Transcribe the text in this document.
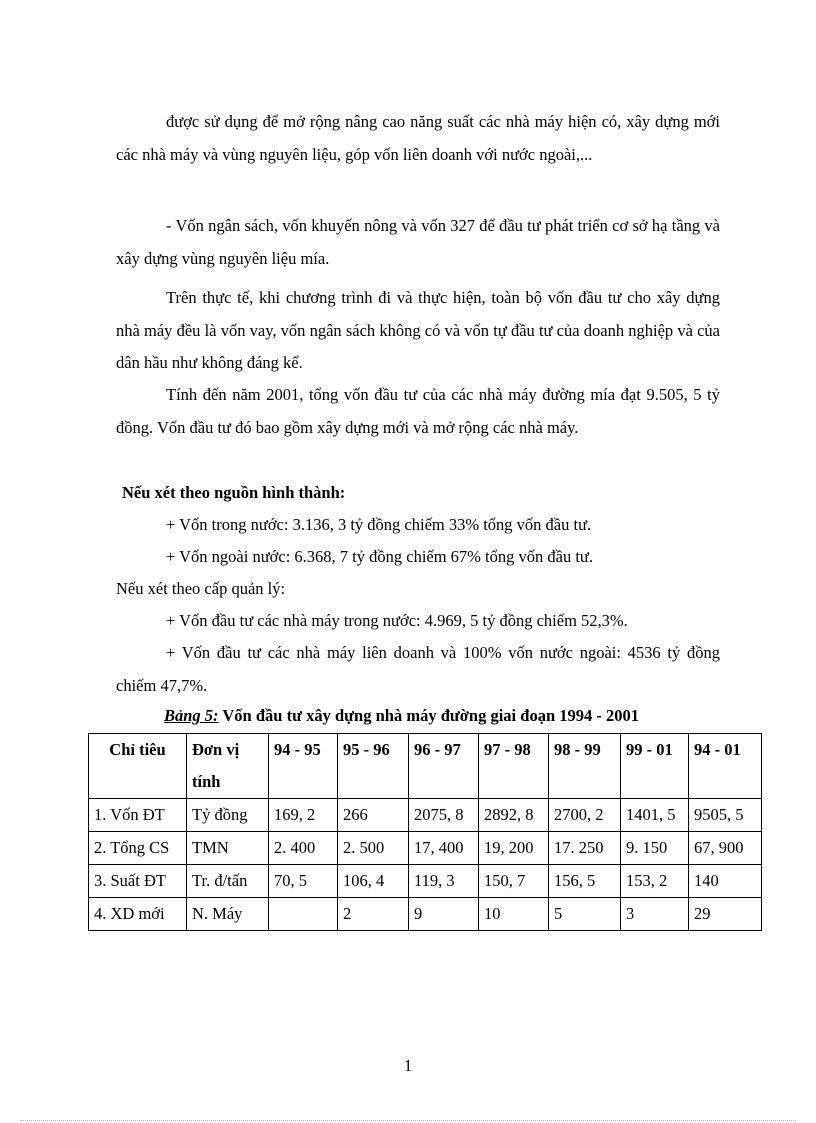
được sử dụng để mở rộng nâng cao năng suất các nhà máy hiện có, xây dựng mới các nhà máy và vùng nguyên liệu, góp vốn liên doanh với nước ngoài,...

- Vốn ngân sách, vốn khuyến nông và vốn 327 để đầu tư phát triển cơ sở hạ tầng và xây dựng vùng nguyên liệu mía.

Trên thực tế, khi chương trình đi và thực hiện, toàn bộ vốn đầu tư cho xây dựng nhà máy đều là vốn vay, vốn ngân sách không có và vốn tự đầu tư của doanh nghiệp và của dân hầu như không đáng kể.

Tính đến năm 2001, tổng vốn đầu tư của các nhà máy đường mía đạt 9.505, 5 tỷ đồng. Vốn đầu tư đó bao gồm xây dựng mới và mở rộng các nhà máy.

Nếu xét theo nguồn hình thành:

+ Vốn trong nước: 3.136, 3 tỷ đồng chiếm 33% tổng vốn đầu tư.

+ Vốn ngoài nước: 6.368, 7 tỷ đồng chiếm 67% tổng vốn đầu tư.

Nếu xét theo cấp quản lý:

+ Vốn đầu tư các nhà máy trong nước: 4.969, 5 tỷ đồng chiếm 52,3%.

+ Vốn đầu tư các nhà máy liên doanh và 100% vốn nước ngoài: 4536 tỷ đồng chiếm 47,7%.

Bảng 5: Vốn đầu tư xây dựng nhà máy đường giai đoạn 1994 - 2001
Chỉ tiêu	Đơn vị tính	94 - 95	95 - 96	96 - 97	97 - 98	98 - 99	99 - 01	94 - 01
1. Vốn ĐT	Tỷ đồng	169, 2	266	2075, 8	2892, 8	2700, 2	1401, 5	9505, 5

2. Tổng CS	TMN	2. 400	2. 500	17, 400	19, 200	17. 250	9. 150	67, 900
3. Suất ĐT	Tr. đ/tấn	70, 5	106, 4	119, 3	150, 7	156, 5	153, 2	140
4. XD mới	N. Máy		2	9	10	5	3	29
1
